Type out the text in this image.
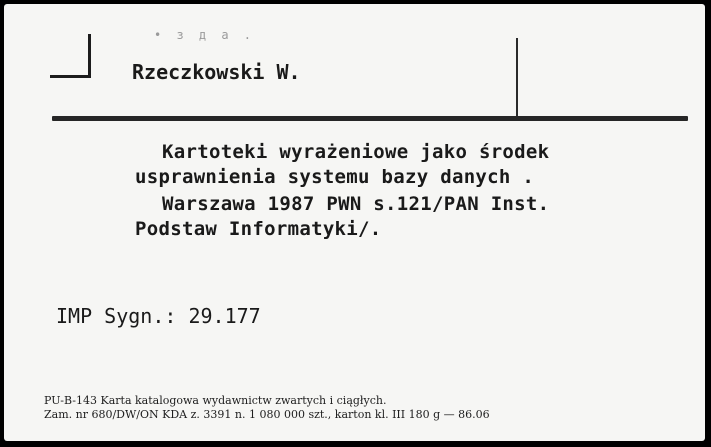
• з д а .
Rzeczkowski W.
Kartoteki wyrażeniowe jako środek
usprawnienia systemu bazy danych .
Warszawa 1987 PWN s.121/PAN Inst.
Podstaw Informatyki/.
IMP Sygn.: 29.177
PU-B-143 Karta katalogowa wydawnictw zwartych i ciągłych.
Zam. nr 680/DW/ON KDA z. 3391 n. 1 080 000 szt., karton kl. III 180 g — 86.06
